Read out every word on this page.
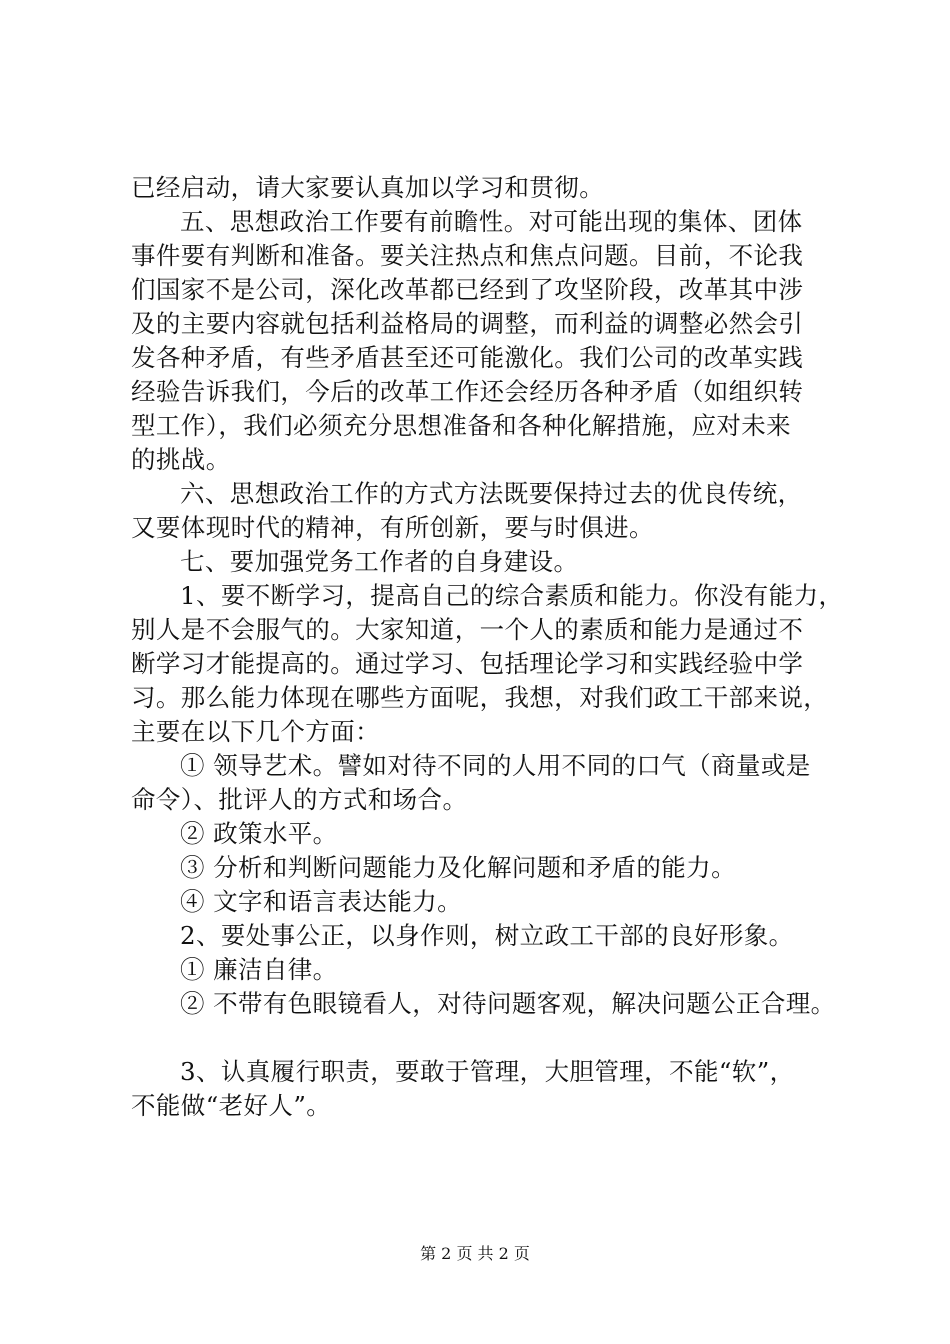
已经启动，请大家要认真加以学习和贯彻。
五、思想政治工作要有前瞻性。对可能出现的集体、团体
事件要有判断和准备。要关注热点和焦点问题。目前，不论我
们国家不是公司，深化改革都已经到了攻坚阶段，改革其中涉
及的主要内容就包括利益格局的调整，而利益的调整必然会引
发各种矛盾，有些矛盾甚至还可能激化。我们公司的改革实践
经验告诉我们，今后的改革工作还会经历各种矛盾（如组织转
型工作），我们必须充分思想准备和各种化解措施，应对未来
的挑战。
六、思想政治工作的方式方法既要保持过去的优良传统，
又要体现时代的精神，有所创新，要与时俱进。
七、要加强党务工作者的自身建设。
1、要不断学习，提高自己的综合素质和能力。你没有能力，
别人是不会服气的。大家知道，一个人的素质和能力是通过不
断学习才能提高的。通过学习、包括理论学习和实践经验中学
习。那么能力体现在哪些方面呢，我想，对我们政工干部来说，
主要在以下几个方面：
① 领导艺术。譬如对待不同的人用不同的口气（商量或是
命令）、批评人的方式和场合。
② 政策水平。
③ 分析和判断问题能力及化解问题和矛盾的能力。
④ 文字和语言表达能力。
2、要处事公正，以身作则，树立政工干部的良好形象。
① 廉洁自律。
② 不带有色眼镜看人，对待问题客观，解决问题公正合理。
3、认真履行职责，要敢于管理，大胆管理，不能“软”，
不能做“老好人”。
第 2 页 共 2 页
